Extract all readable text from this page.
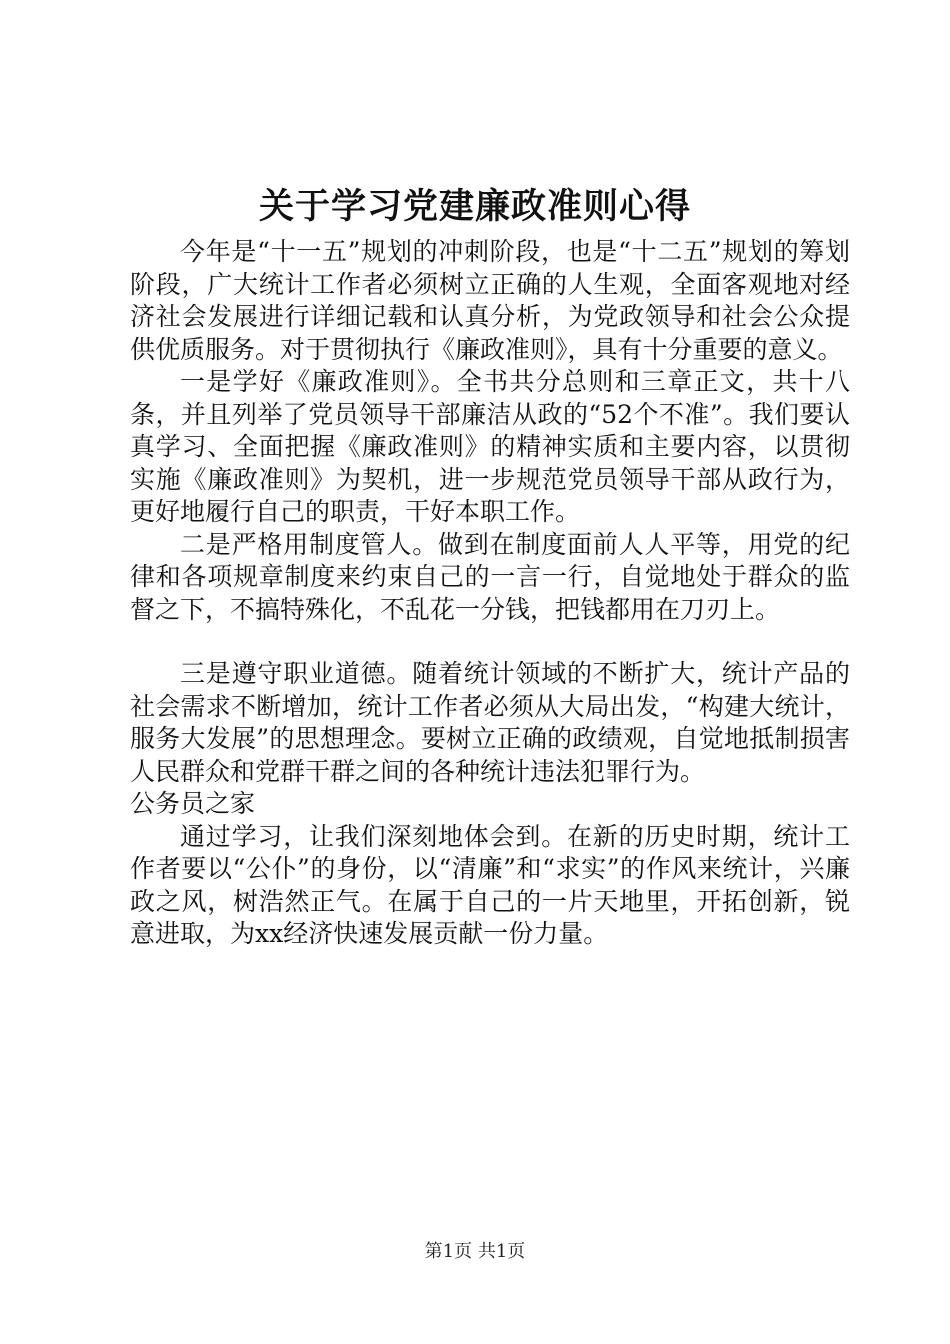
关于学习党建廉政准则心得

今年是“十一五”规划的冲刺阶段，也是“十二五”规划的筹划阶段，广大统计工作者必须树立正确的人生观，全面客观地对经济社会发展进行详细记载和认真分析，为党政领导和社会公众提供优质服务。对于贯彻执行《廉政准则》，具有十分重要的意义。

一是学好《廉政准则》。全书共分总则和三章正文，共十八条，并且列举了党员领导干部廉洁从政的“52个不准”。我们要认真学习、全面把握《廉政准则》的精神实质和主要内容，以贯彻实施《廉政准则》为契机，进一步规范党员领导干部从政行为，更好地履行自己的职责，干好本职工作。

二是严格用制度管人。做到在制度面前人人平等，用党的纪律和各项规章制度来约束自己的一言一行，自觉地处于群众的监督之下，不搞特殊化，不乱花一分钱，把钱都用在刀刃上。

三是遵守职业道德。随着统计领域的不断扩大，统计产品的社会需求不断增加，统计工作者必须从大局出发，“构建大统计，服务大发展”的思想理念。要树立正确的政绩观，自觉地抵制损害人民群众和党群干群之间的各种统计违法犯罪行为。

公务员之家

通过学习，让我们深刻地体会到。在新的历史时期，统计工作者要以“公仆”的身份，以“清廉”和“求实”的作风来统计，兴廉政之风，树浩然正气。在属于自己的一片天地里，开拓创新，锐意进取，为xx经济快速发展贡献一份力量。

第1页 共1页
